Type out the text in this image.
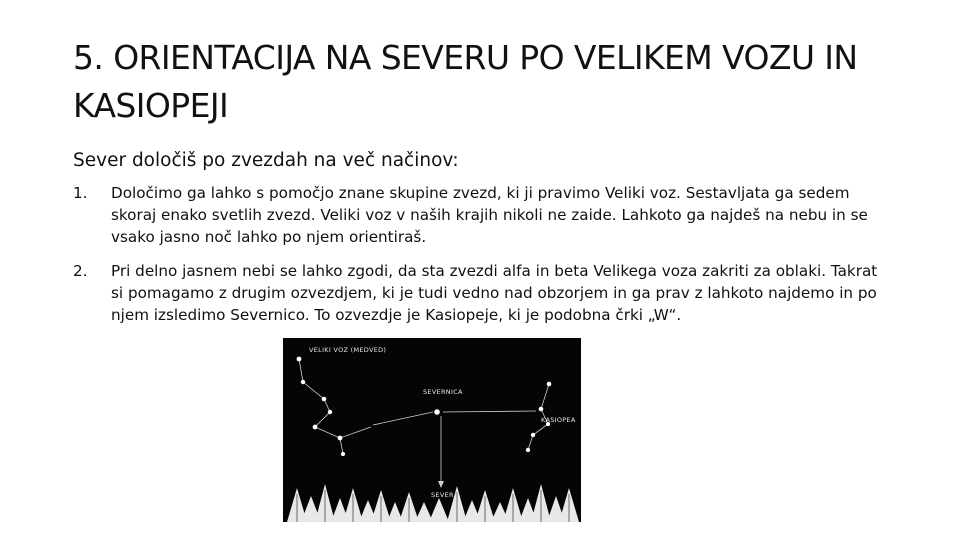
5. ORIENTACIJA NA SEVERU PO VELIKEM VOZU IN KASIOPEJI

Sever določiš po zvezdah na več načinov:

1. Določimo ga lahko s pomočjo znane skupine zvezd, ki ji pravimo Veliki voz. Sestavljata ga sedem skoraj enako svetlih zvezd. Veliki voz v naših krajih nikoli ne zaide. Lahkoto ga najdeš na nebu in se vsako jasno noč lahko po njem orientiraš.
2. Pri delno jasnem nebi se lahko zgodi, da sta zvezdi alfa in beta Velikega voza zakriti za oblaki. Takrat si pomagamo z drugim ozvezdjem, ki je tudi vedno nad obzorjem in ga prav z lahkoto najdemo in po njem izsledimo Severnico. To ozvezdje je Kasiopeje, ki je podobna črki „W“.
VELIKI VOZ (MEDVED)
SEVERNICA
KASIOPEA
SEVER
